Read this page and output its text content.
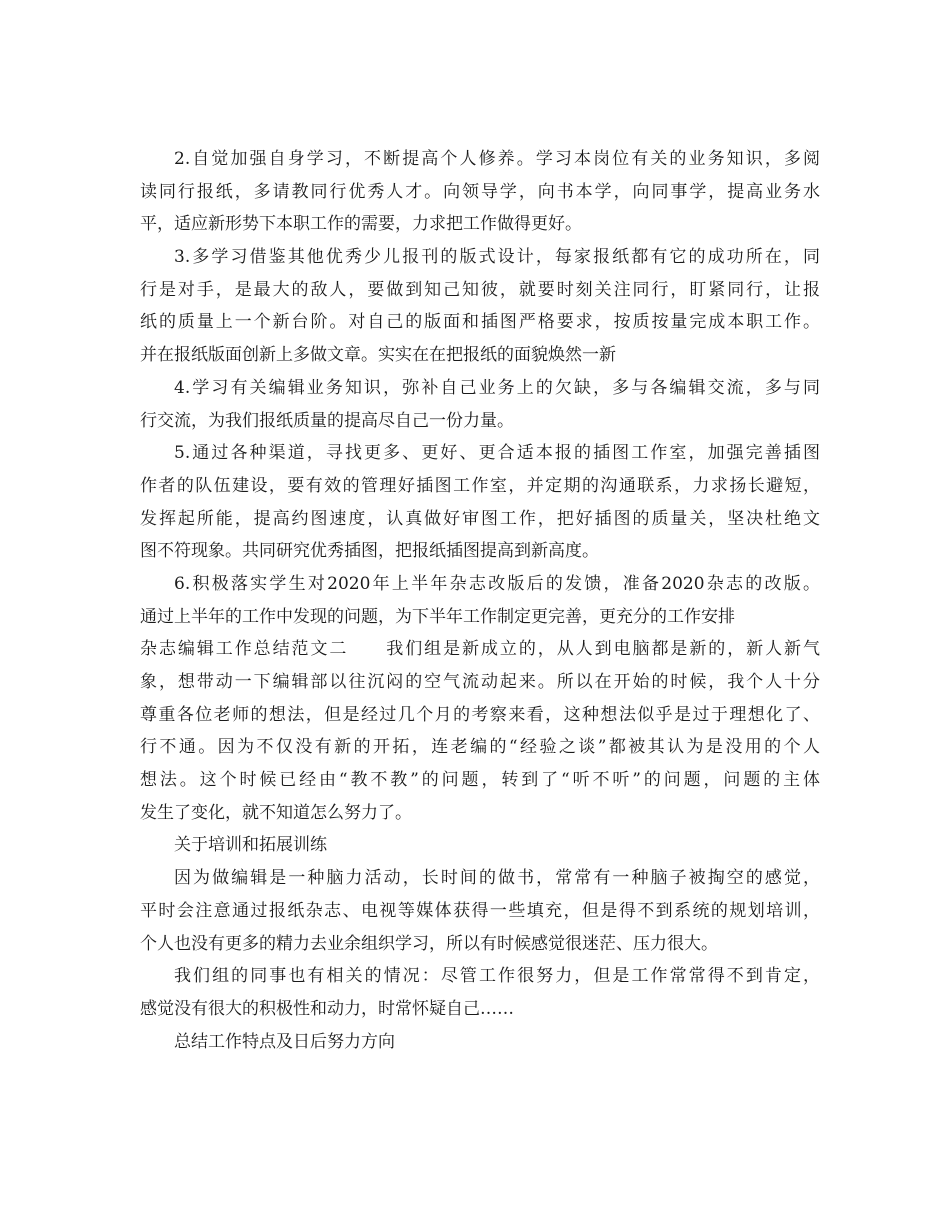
2.自觉加强自身学习，不断提高个人修养。学习本岗位有关的业务知识，多阅
读同行报纸，多请教同行优秀人才。向领导学，向书本学，向同事学，提高业务水
平，适应新形势下本职工作的需要，力求把工作做得更好。
3.多学习借鉴其他优秀少儿报刊的版式设计，每家报纸都有它的成功所在，同
行是对手，是最大的敌人，要做到知己知彼，就要时刻关注同行，盯紧同行，让报
纸的质量上一个新台阶。对自己的版面和插图严格要求，按质按量完成本职工作。
并在报纸版面创新上多做文章。实实在在把报纸的面貌焕然一新
4.学习有关编辑业务知识，弥补自己业务上的欠缺，多与各编辑交流，多与同
行交流，为我们报纸质量的提高尽自己一份力量。
5.通过各种渠道，寻找更多、更好、更合适本报的插图工作室，加强完善插图
作者的队伍建设，要有效的管理好插图工作室，并定期的沟通联系，力求扬长避短，
发挥起所能，提高约图速度，认真做好审图工作，把好插图的质量关，坚决杜绝文
图不符现象。共同研究优秀插图，把报纸插图提高到新高度。
6.积极落实学生对2020年上半年杂志改版后的发馈，准备2020杂志的改版。
通过上半年的工作中发现的问题，为下半年工作制定更完善，更充分的工作安排
杂志编辑工作总结范文二　　我们组是新成立的，从人到电脑都是新的，新人新气
象，想带动一下编辑部以往沉闷的空气流动起来。所以在开始的时候，我个人十分
尊重各位老师的想法，但是经过几个月的考察来看，这种想法似乎是过于理想化了、
行不通。因为不仅没有新的开拓，连老编的“经验之谈”都被其认为是没用的个人
想法。这个时候已经由“教不教”的问题，转到了“听不听”的问题，问题的主体
发生了变化，就不知道怎么努力了。
关于培训和拓展训练
因为做编辑是一种脑力活动，长时间的做书，常常有一种脑子被掏空的感觉，
平时会注意通过报纸杂志、电视等媒体获得一些填充，但是得不到系统的规划培训，
个人也没有更多的精力去业余组织学习，所以有时候感觉很迷茫、压力很大。
我们组的同事也有相关的情况：尽管工作很努力，但是工作常常得不到肯定，
感觉没有很大的积极性和动力，时常怀疑自己……
总结工作特点及日后努力方向
